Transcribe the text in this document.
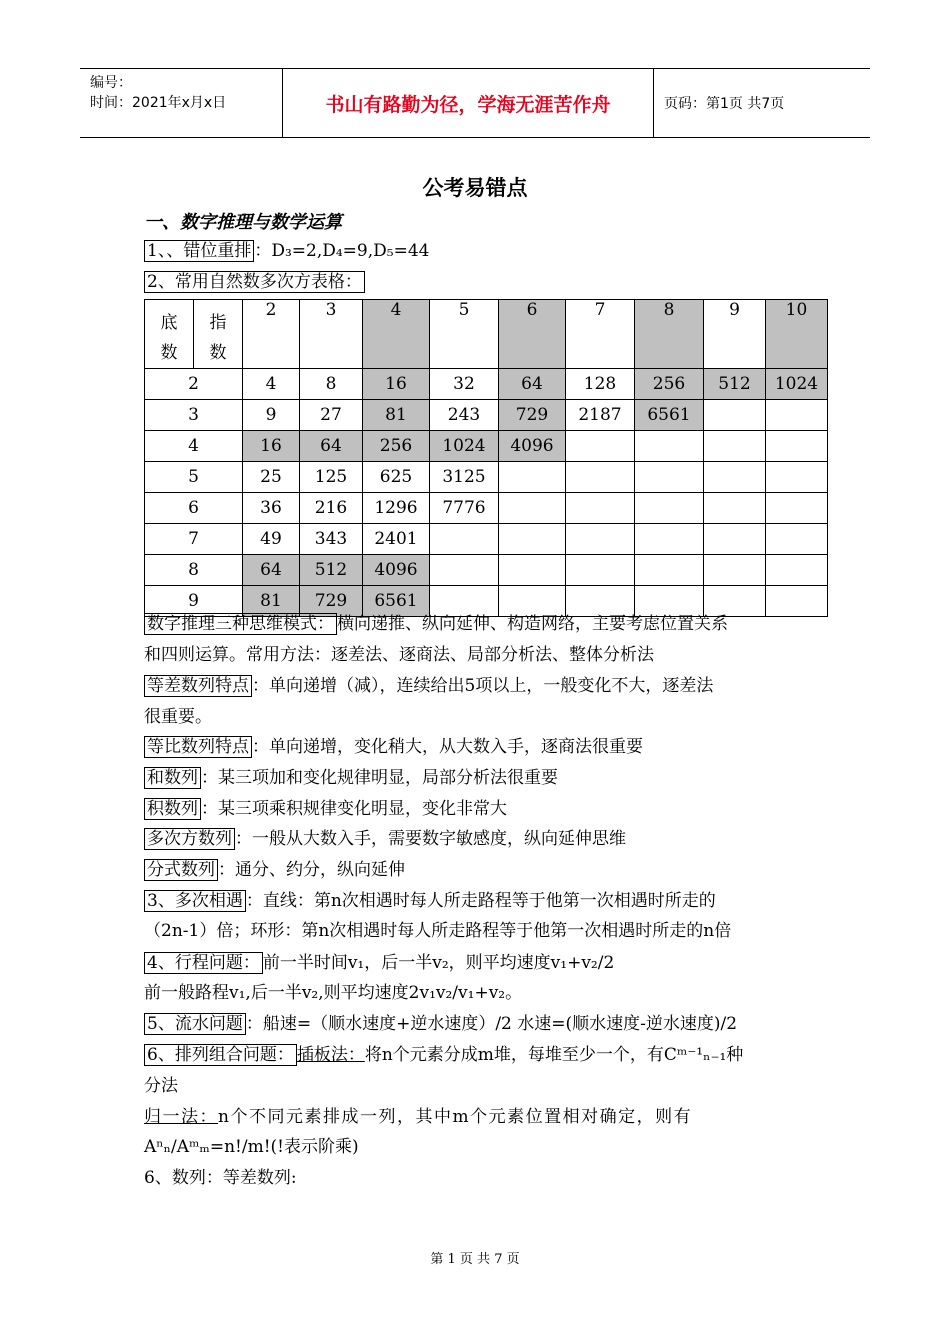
编号：
时间：2021年x月x日	书山有路勤为径，学海无涯苦作舟	页码：第1页 共7页
公考易错点
一、数字推理与数学运算
1、、错位重排 ：D₃=2,D₄=9,D₅=44
2、常用自然数多次方表格：
底数	指数	2	3	4	5	6	7	8	9	10
2		4	8	16	32	64	128	256	512	1024
3		9	27	81	243	729	2187	6561		
4		16	64	256	1024	4096				
5		25	125	625	3125					
6		36	216	1296	7776					
7		49	343	2401						
8		64	512	4096						
9		81	729	6561						
数字推理三种思维模式： 横向递推、纵向延伸、构造网络，主要考虑位置关系
和四则运算。常用方法：逐差法、逐商法、局部分析法、整体分析法
等差数列特点 ：单向递增（减），连续给出5项以上，一般变化不大，逐差法
很重要。
等比数列特点 ：单向递增，变化稍大，从大数入手，逐商法很重要
和数列 ：某三项加和变化规律明显，局部分析法很重要
积数列 ：某三项乘积规律变化明显，变化非常大
多次方数列 ：一般从大数入手，需要数字敏感度，纵向延伸思维
分式数列 ：通分、约分，纵向延伸
3、多次相遇 ：直线：第n次相遇时每人所走路程等于他第一次相遇时所走的
（2n-1）倍；环形：第n次相遇时每人所走路程等于他第一次相遇时所走的n倍
4、行程问题： 前一半时间v₁，后一半v₂，则平均速度v₁+v₂/2
前一般路程v₁,后一半v₂,则平均速度2v₁v₂/v₁+v₂。
5、流水问题 ：船速=（顺水速度+逆水速度）/2 水速=(顺水速度-逆水速度)/2
6、排列组合问题： 插板法：将n个元素分成m堆，每堆至少一个，有Cᵐ⁻¹ₙ₋₁种
分法
归一法：n个不同元素排成一列，其中m个元素位置相对确定，则有
Aⁿₙ/Aᵐₘ=n!/m!(!表示阶乘)
6、数列：等差数列:
第 1 页 共 7 页
